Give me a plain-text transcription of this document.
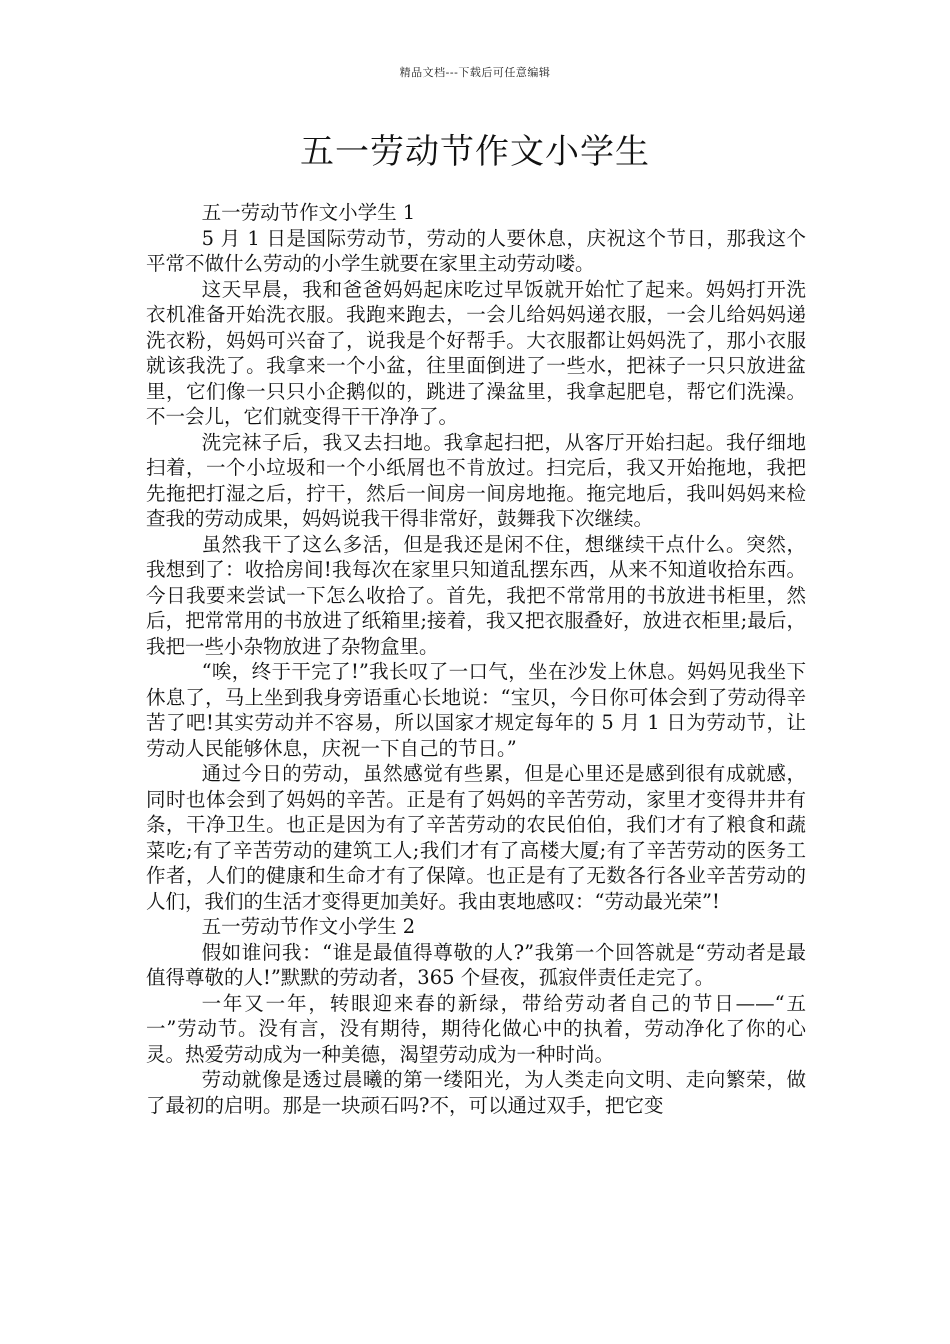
精品文档---下载后可任意编辑
五一劳动节作文小学生

五一劳动节作文小学生 1

5 月 1 日是国际劳动节，劳动的人要休息，庆祝这个节日，那我这个平常不做什么劳动的小学生就要在家里主动劳动喽。

这天早晨，我和爸爸妈妈起床吃过早饭就开始忙了起来。妈妈打开洗衣机准备开始洗衣服。我跑来跑去，一会儿给妈妈递衣服，一会儿给妈妈递洗衣粉，妈妈可兴奋了，说我是个好帮手。大衣服都让妈妈洗了，那小衣服就该我洗了。我拿来一个小盆，往里面倒进了一些水，把袜子一只只放进盆里，它们像一只只小企鹅似的，跳进了澡盆里，我拿起肥皂，帮它们洗澡。不一会儿，它们就变得干干净净了。

洗完袜子后，我又去扫地。我拿起扫把，从客厅开始扫起。我仔细地扫着，一个小垃圾和一个小纸屑也不肯放过。扫完后，我又开始拖地，我把先拖把打湿之后，拧干，然后一间房一间房地拖。拖完地后，我叫妈妈来检查我的劳动成果，妈妈说我干得非常好，鼓舞我下次继续。

虽然我干了这么多活，但是我还是闲不住，想继续干点什么。突然，我想到了：收拾房间!我每次在家里只知道乱摆东西，从来不知道收拾东西。今日我要来尝试一下怎么收拾了。首先，我把不常常用的书放进书柜里，然后，把常常用的书放进了纸箱里;接着，我又把衣服叠好，放进衣柜里;最后，我把一些小杂物放进了杂物盒里。

“唉，终于干完了!”我长叹了一口气，坐在沙发上休息。妈妈见我坐下休息了，马上坐到我身旁语重心长地说：“宝贝，今日你可体会到了劳动得辛苦了吧!其实劳动并不容易，所以国家才规定每年的 5 月 1 日为劳动节，让劳动人民能够休息，庆祝一下自己的节日。”

通过今日的劳动，虽然感觉有些累，但是心里还是感到很有成就感，同时也体会到了妈妈的辛苦。正是有了妈妈的辛苦劳动，家里才变得井井有条，干净卫生。也正是因为有了辛苦劳动的农民伯伯，我们才有了粮食和蔬菜吃;有了辛苦劳动的建筑工人;我们才有了高楼大厦;有了辛苦劳动的医务工作者，人们的健康和生命才有了保障。也正是有了无数各行各业辛苦劳动的人们，我们的生活才变得更加美好。我由衷地感叹：“劳动最光荣”!

五一劳动节作文小学生 2

假如谁问我：“谁是最值得尊敬的人?”我第一个回答就是“劳动者是最值得尊敬的人!”默默的劳动者，365 个昼夜，孤寂伴责任走完了。

一年又一年，转眼迎来春的新绿，带给劳动者自己的节日——“五一”劳动节。没有言，没有期待，期待化做心中的执着，劳动净化了你的心灵。热爱劳动成为一种美德，渴望劳动成为一种时尚。

劳动就像是透过晨曦的第一缕阳光，为人类走向文明、走向繁荣，做了最初的启明。那是一块顽石吗?不，可以通过双手，把它变
